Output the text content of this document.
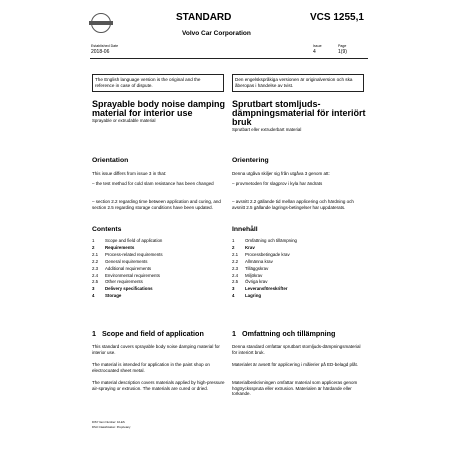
STANDARD	VCS 1255,1
Volvo Car Corporation
Established Date
2018-06
Issue
4
Page
1(9)
The English language version is the original and the reference in case of dispute.
Den engelskspråkiga versionen är originalversion och ska åberopas i händelse av tvist.
Sprayable body noise damping material for interior use
Sprayable or extrudable material
Orientation
This issue differs from issue 3 in that:
– the test method for cold slam resistance has been changed
– section 2.2 regarding time between application and curing, and section 2.5 regarding storage conditions have been updated.
Contents
1 Scope and field of application
2 Requirements
2.1 Process-related requirements
2.2 General requirements
2.3 Additional requirements
2.4 Environmental requirements
2.5 Other requirements
3 Delivery specifications
4 Storage
1 Scope and field of application
This standard covers sprayable body noise damping material for interior use.
The material is intended for application in the paint shop on electrocoated sheet metal.
The material description covers materials applied by high-pressure air-spraying or extrusion. The materials are cured or dried.
Sprutbart stomljuds-dämpningsmaterial för interiört bruk
Sprutbart eller extruderbart material
Orientering
Denna utgåva skiljer sig från utgåva 3 genom att:
– provmetoden för slagprov i kyla har ändrats
– avsnitt 2.2 gällande tid mellan applicering och härdning och avsnitt 2.5 gällande lagrings-betingelser har uppdaterats.
Innehåll
1 Omfattning och tillämpning
2 Krav
2.1 Processbetingade krav
2.2 Allmänna krav
2.3 Tilläggskrav
2.4 Miljökrav
2.5 Övriga krav
3 Leveransföreskrifter
4 Lagring
1 Omfattning och tillämpning
Denna standard omfattar sprutbart stomljuds-dämpningsmaterial för interiört bruk.
Materialet är avsett för applicering i målerier på ED-belagd plåt.
Materialbeskrivningen omfattar material som appliceras genom högtrycksspruta eller extrusion. Materialen är härdande eller torkande.
DISY Item Number: 10-ES
DSU Classification: Proprietary
